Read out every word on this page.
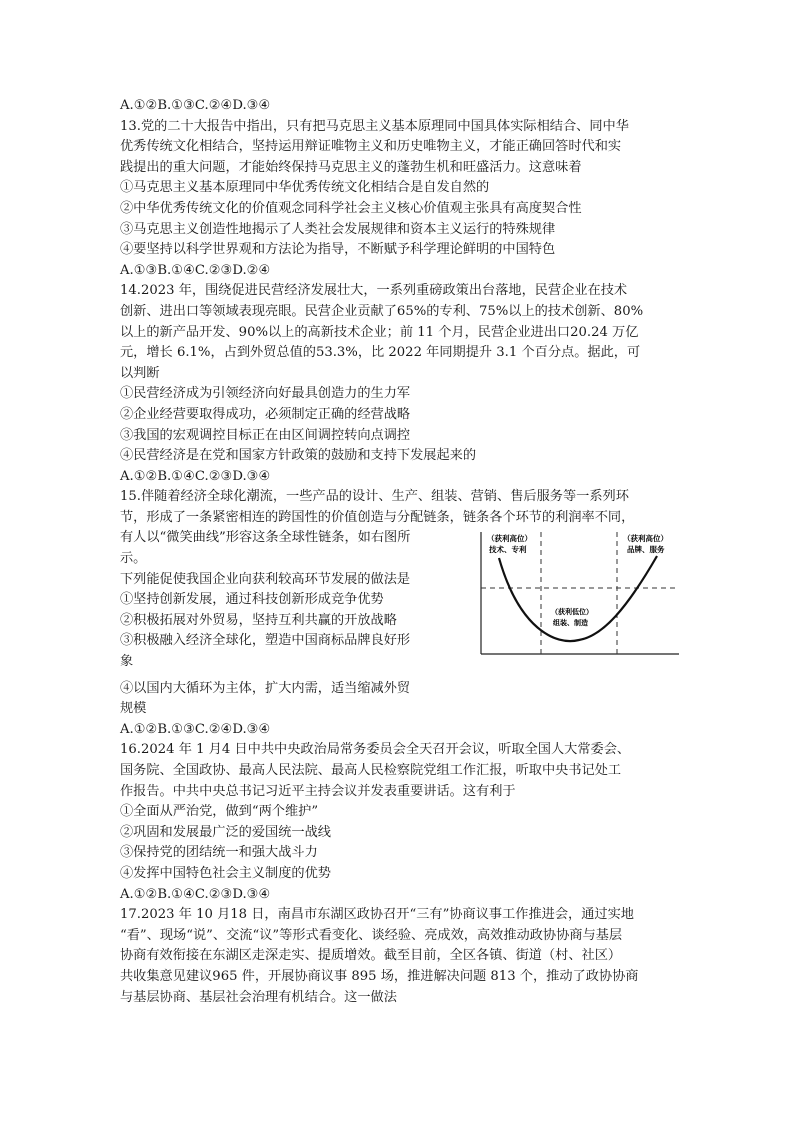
A.①②B.①③C.②④D.③④
13.党的二十大报告中指出，只有把马克思主义基本原理同中国具体实际相结合、同中华
优秀传统文化相结合，坚持运用辩证唯物主义和历史唯物主义，才能正确回答时代和实
践提出的重大问题，才能始终保持马克思主义的蓬勃生机和旺盛活力。这意味着
①马克思主义基本原理同中华优秀传统文化相结合是自发自然的
②中华优秀传统文化的价值观念同科学社会主义核心价值观主张具有高度契合性
③马克思主义创造性地揭示了人类社会发展规律和资本主义运行的特殊规律
④要坚持以科学世界观和方法论为指导，不断赋予科学理论鲜明的中国特色
A.①③B.①④C.②③D.②④
14.2023 年，围绕促进民营经济发展壮大，一系列重磅政策出台落地，民营企业在技术
创新、进出口等领域表现亮眼。民营企业贡献了65%的专利、75%以上的技术创新、80%
以上的新产品开发、90%以上的高新技术企业；前 11 个月，民营企业进出口20.24 万亿
元，增长 6.1%，占到外贸总值的53.3%，比 2022 年同期提升 3.1 个百分点。据此，可
以判断
①民营经济成为引领经济向好最具创造力的生力军
②企业经营要取得成功，必须制定正确的经营战略
③我国的宏观调控目标正在由区间调控转向点调控
④民营经济是在党和国家方针政策的鼓励和支持下发展起来的
A.①②B.①④C.②③D.③④
15.伴随着经济全球化潮流，一些产品的设计、生产、组装、营销、售后服务等一系列环
节，形成了一条紧密相连的跨国性的价值创造与分配链条，链条各个环节的利润率不同，
有人以“微笑曲线”形容这条全球性链条，如右图所
示。
下列能促使我国企业向获利较高环节发展的做法是
①坚持创新发展，通过科技创新形成竞争优势
②积极拓展对外贸易，坚持互利共赢的开放战略
③积极融入经济全球化，塑造中国商标品牌良好形
象
④以国内大循环为主体，扩大内需，适当缩减外贸
规模
（获利高位）
技术、专利
（获利高位）
品牌、服务
（获利低位）
组装、制造
A.①②B.①③C.②④D.③④
16.2024 年 1 月4 日中共中央政治局常务委员会全天召开会议，听取全国人大常委会、
国务院、全国政协、最高人民法院、最高人民检察院党组工作汇报，听取中央书记处工
作报告。中共中央总书记习近平主持会议并发表重要讲话。这有利于
①全面从严治党，做到“两个维护”
②巩固和发展最广泛的爱国统一战线
③保持党的团结统一和强大战斗力
④发挥中国特色社会主义制度的优势
A.①②B.①④C.②③D.③④
17.2023 年 10 月18 日，南昌市东湖区政协召开“三有”协商议事工作推进会，通过实地
“看”、现场“说”、交流“议”等形式看变化、谈经验、亮成效，高效推动政协协商与基层
协商有效衔接在东湖区走深走实、提质增效。截至目前，全区各镇、街道（村、社区）
共收集意见建议965 件，开展协商议事 895 场，推进解决问题 813 个，推动了政协协商
与基层协商、基层社会治理有机结合。这一做法
